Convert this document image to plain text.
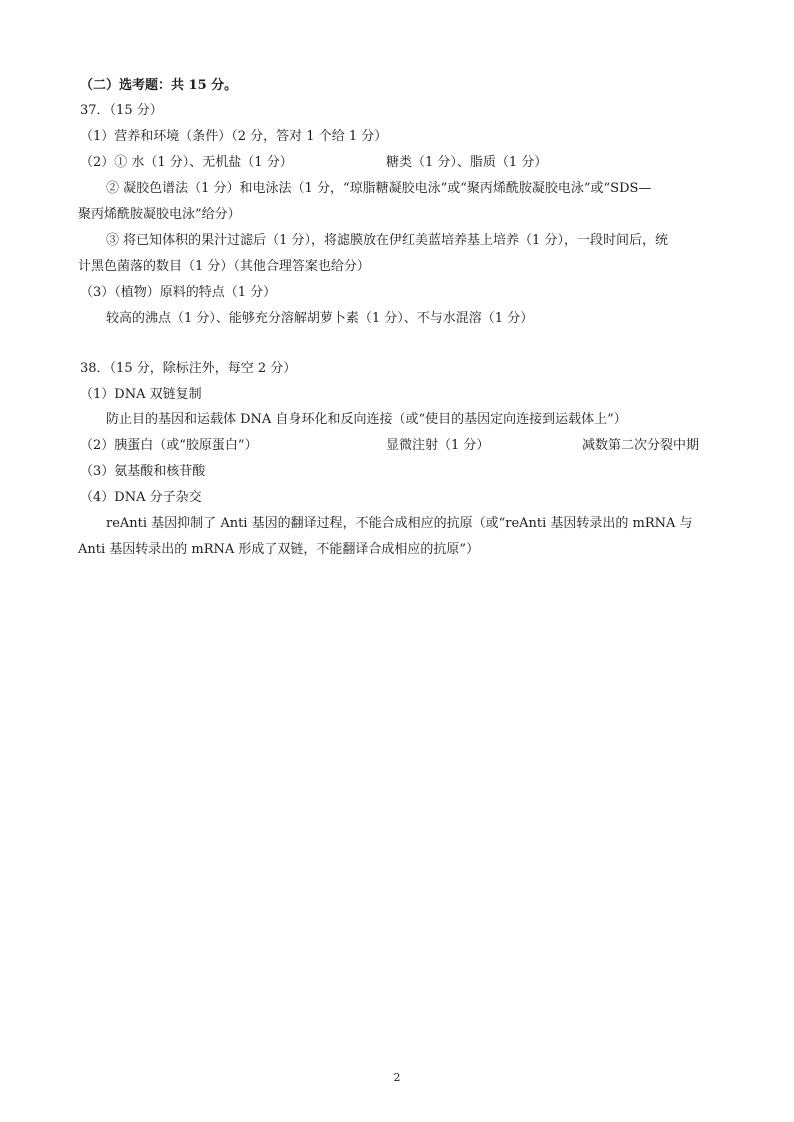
（二）选考题：共 15 分。
37．（15 分）
（1）营养和环境（条件）（2 分，答对 1 个给 1 分）
（2）① 水（1 分）、无机盐（1 分）	糖类（1 分）、脂质（1 分）
② 凝胶色谱法（1 分）和电泳法（1 分，“琼脂糖凝胶电泳”或“聚丙烯酰胺凝胶电泳”或“SDS—
聚丙烯酰胺凝胶电泳”给分）
③ 将已知体积的果汁过滤后（1 分），将滤膜放在伊红美蓝培养基上培养（1 分），一段时间后，统
计黑色菌落的数目（1 分）（其他合理答案也给分）
（3）（植物）原料的特点（1 分）
较高的沸点（1 分）、能够充分溶解胡萝卜素（1 分）、不与水混溶（1 分）
38．（15 分，除标注外，每空 2 分）
（1）DNA 双链复制
防止目的基因和运载体 DNA 自身环化和反向连接（或“使目的基因定向连接到运载体上”）
（2）胰蛋白（或“胶原蛋白”）	显微注射（1 分）	减数第二次分裂中期
（3）氨基酸和核苷酸
（4）DNA 分子杂交
reAnti 基因抑制了 Anti 基因的翻译过程，不能合成相应的抗原（或“reAnti 基因转录出的 mRNA 与
Anti 基因转录出的 mRNA 形成了双链，不能翻译合成相应的抗原”）
2
